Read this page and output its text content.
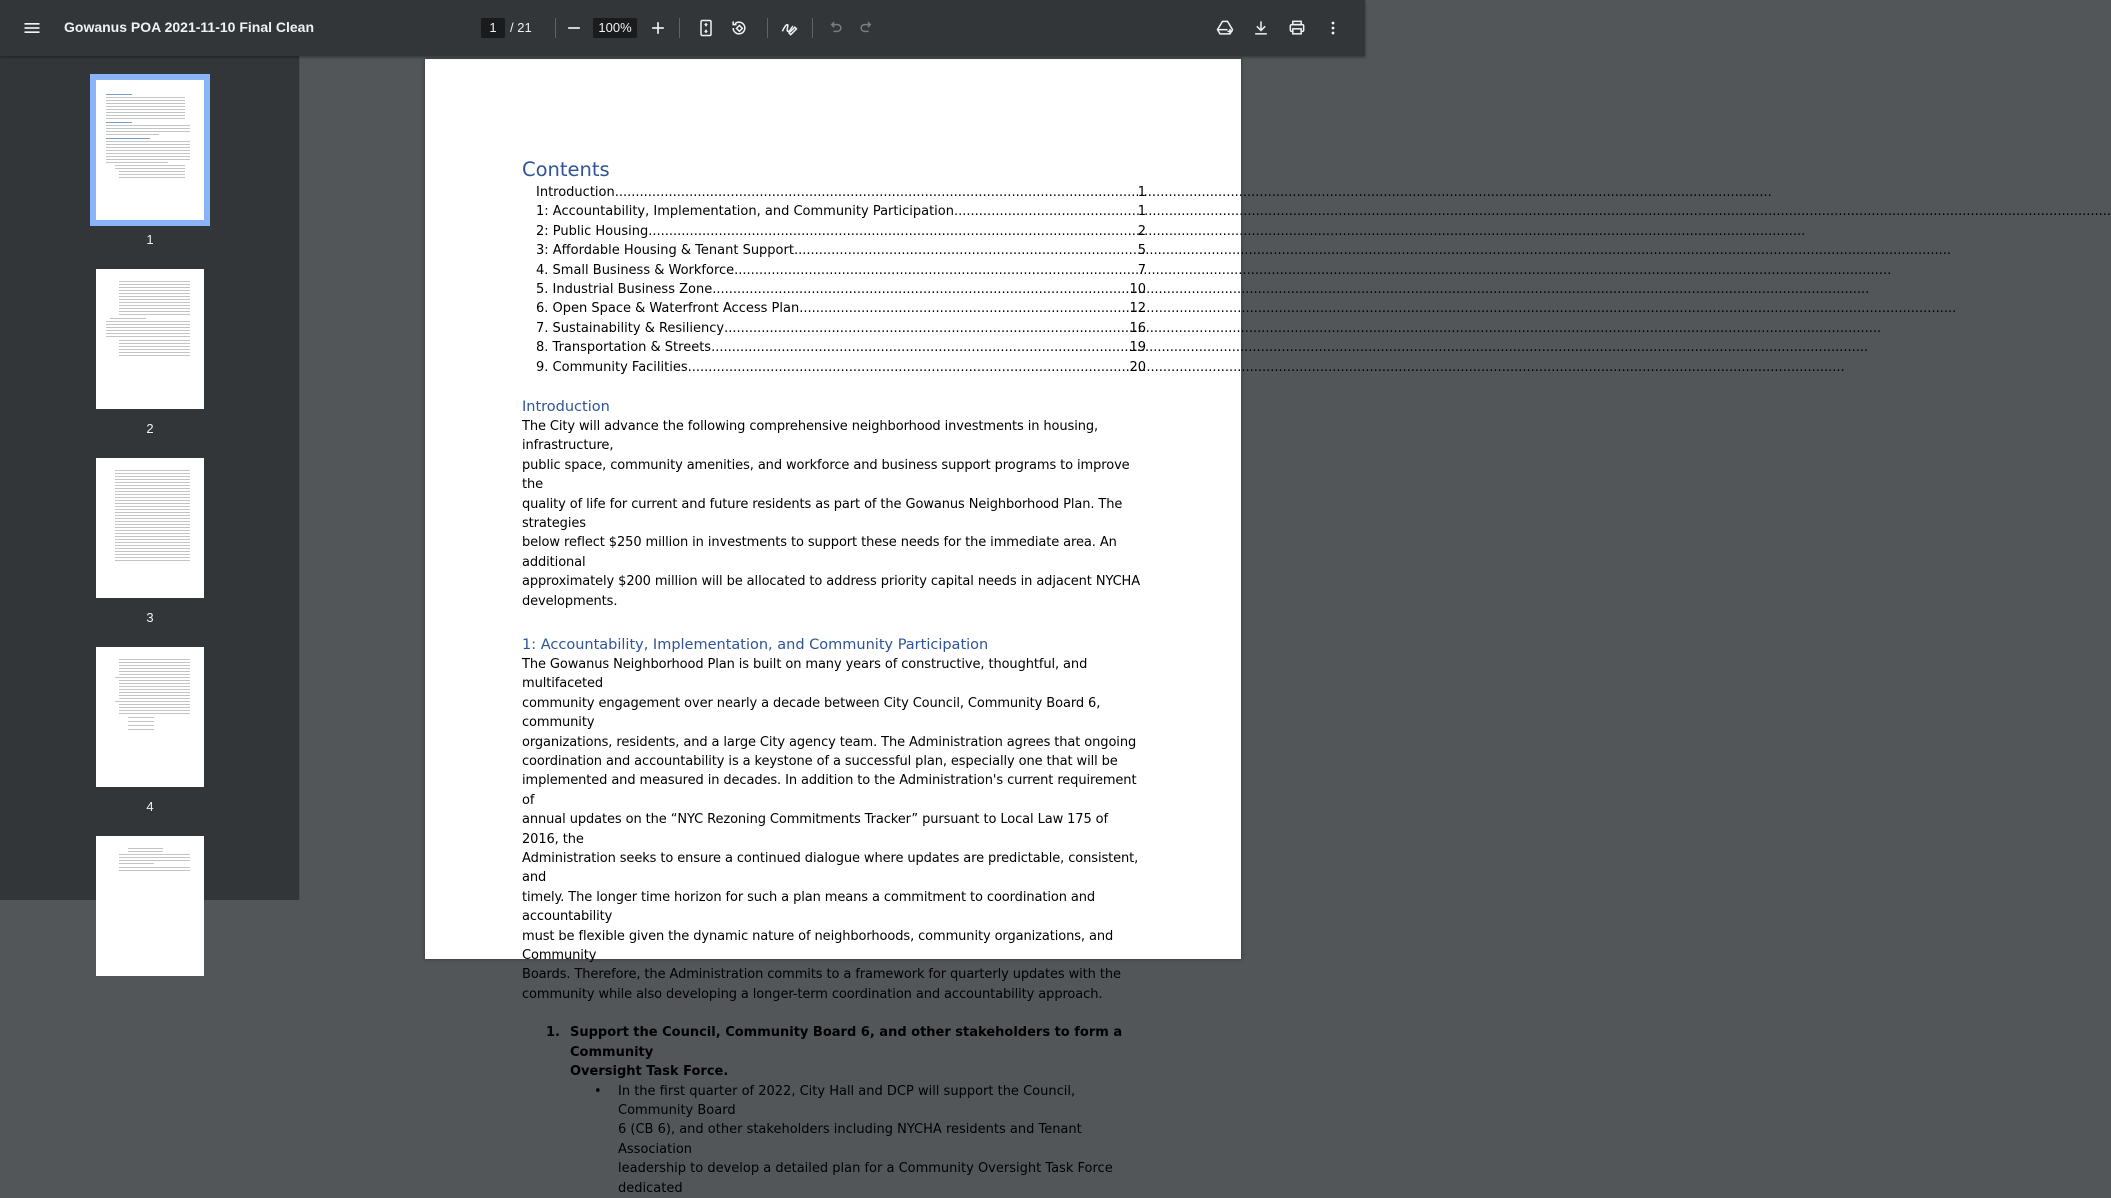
Gowanus POA 2021-11-10 Final Clean	1	/ 21	100%
1
2
3
4
Contents
Introduction .....	1
1: Accountability, Implementation, and Community Participation .....	1
2: Public Housing .....	2
3: Affordable Housing & Tenant Support .....	5
4. Small Business & Workforce .....	7
5. Industrial Business Zone .....	10
6. Open Space & Waterfront Access Plan .....	12
7. Sustainability & Resiliency .....	16
8. Transportation & Streets .....	19
9. Community Facilities .....	20
Introduction
The City will advance the following comprehensive neighborhood investments in housing, infrastructure,
public space, community amenities, and workforce and business support programs to improve the
quality of life for current and future residents as part of the Gowanus Neighborhood Plan. The strategies
below reflect $250 million in investments to support these needs for the immediate area. An additional
approximately $200 million will be allocated to address priority capital needs in adjacent NYCHA
developments.
1: Accountability, Implementation, and Community Participation
The Gowanus Neighborhood Plan is built on many years of constructive, thoughtful, and multifaceted
community engagement over nearly a decade between City Council, Community Board 6, community
organizations, residents, and a large City agency team. The Administration agrees that ongoing
coordination and accountability is a keystone of a successful plan, especially one that will be
implemented and measured in decades. In addition to the Administration's current requirement of
annual updates on the “NYC Rezoning Commitments Tracker” pursuant to Local Law 175 of 2016, the
Administration seeks to ensure a continued dialogue where updates are predictable, consistent, and
timely. The longer time horizon for such a plan means a commitment to coordination and accountability
must be flexible given the dynamic nature of neighborhoods, community organizations, and Community
Boards. Therefore, the Administration commits to a framework for quarterly updates with the
community while also developing a longer-term coordination and accountability approach.
1. Support the Council, Community Board 6, and other stakeholders to form a Community
Oversight Task Force.
•	In the first quarter of 2022, City Hall and DCP will support the Council, Community Board
6 (CB 6), and other stakeholders including NYCHA residents and Tenant Association
leadership to develop a detailed plan for a Community Oversight Task Force dedicated
